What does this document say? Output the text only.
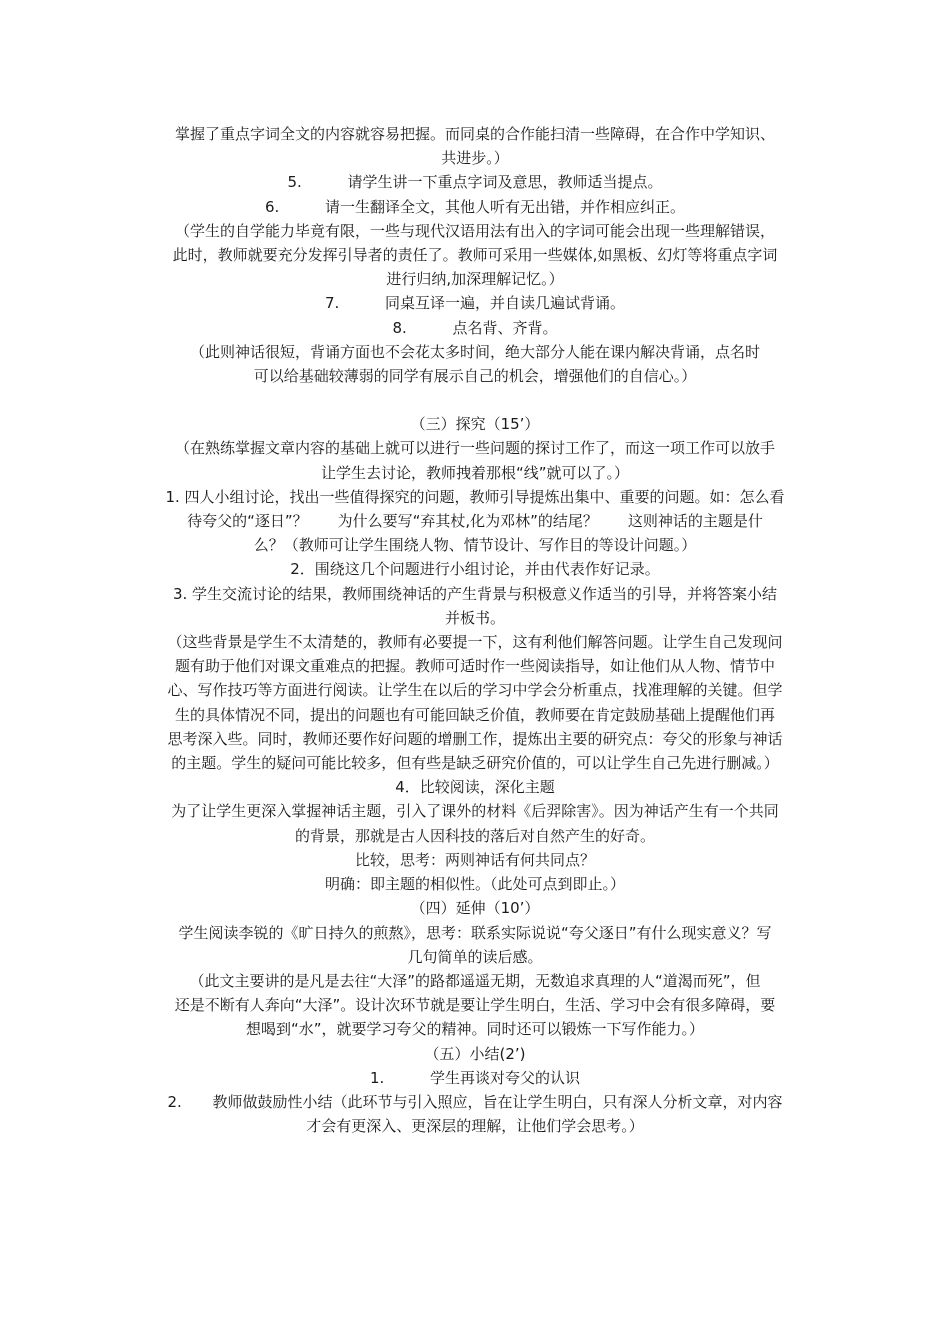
掌握了重点字词全文的内容就容易把握。而同桌的合作能扫清一些障碍，在合作中学知识、

共进步。）

5.	请学生讲一下重点字词及意思，教师适当提点。

6.	请一生翻译全文，其他人听有无出错，并作相应纠正。

（学生的自学能力毕竟有限，一些与现代汉语用法有出入的字词可能会出现一些理解错误，

此时，教师就要充分发挥引导者的责任了。教师可采用一些媒体,如黑板、幻灯等将重点字词

进行归纳,加深理解记忆。）

7.	同桌互译一遍，并自读几遍试背诵。

8.	点名背、齐背。

（此则神话很短，背诵方面也不会花太多时间，绝大部分人能在课内解决背诵，点名时

可以给基础较薄弱的同学有展示自己的机会，增强他们的自信心。）

（三）探究（15’）

（在熟练掌握文章内容的基础上就可以进行一些问题的探讨工作了，而这一项工作可以放手

让学生去讨论，教师拽着那根“线”就可以了。）

1. 四人小组讨论，找出一些值得探究的问题，教师引导提炼出集中、重要的问题。如：怎么看

待夸父的“逐日”？　　为什么要写“弃其杖,化为邓林”的结尾？　　这则神话的主题是什

么？（教师可让学生围绕人物、情节设计、写作目的等设计问题。）

2．围绕这几个问题进行小组讨论，并由代表作好记录。

3. 学生交流讨论的结果，教师围绕神话的产生背景与积极意义作适当的引导，并将答案小结

并板书。

（这些背景是学生不太清楚的，教师有必要提一下，这有利他们解答问题。让学生自己发现问

题有助于他们对课文重难点的把握。教师可适时作一些阅读指导，如让他们从人物、情节中

心、写作技巧等方面进行阅读。让学生在以后的学习中学会分析重点，找准理解的关键。但学

生的具体情况不同，提出的问题也有可能回缺乏价值，教师要在肯定鼓励基础上提醒他们再

思考深入些。同时，教师还要作好问题的增删工作，提炼出主要的研究点：夸父的形象与神话

的主题。学生的疑问可能比较多，但有些是缺乏研究价值的，可以让学生自己先进行删减。）

4．比较阅读，深化主题

为了让学生更深入掌握神话主题，引入了课外的材料《后羿除害》。因为神话产生有一个共同

的背景，那就是古人因科技的落后对自然产生的好奇。

比较，思考：两则神话有何共同点？

明确：即主题的相似性。（此处可点到即止。）

（四）延伸（10’）

学生阅读李锐的《旷日持久的煎熬》，思考：联系实际说说“夸父逐日”有什么现实意义？写

几句简单的读后感。

（此文主要讲的是凡是去往“大泽”的路都遥遥无期，无数追求真理的人“道渴而死”，但

还是不断有人奔向“大泽”。设计次环节就是要让学生明白，生活、学习中会有很多障碍，要

想喝到“水”，就要学习夸父的精神。同时还可以锻炼一下写作能力。）

（五）小结(2’)

1.	学生再谈对夸父的认识

2. 教师做鼓励性小结（此环节与引入照应，旨在让学生明白，只有深人分析文章，对内容

才会有更深入、更深层的理解，让他们学会思考。）
